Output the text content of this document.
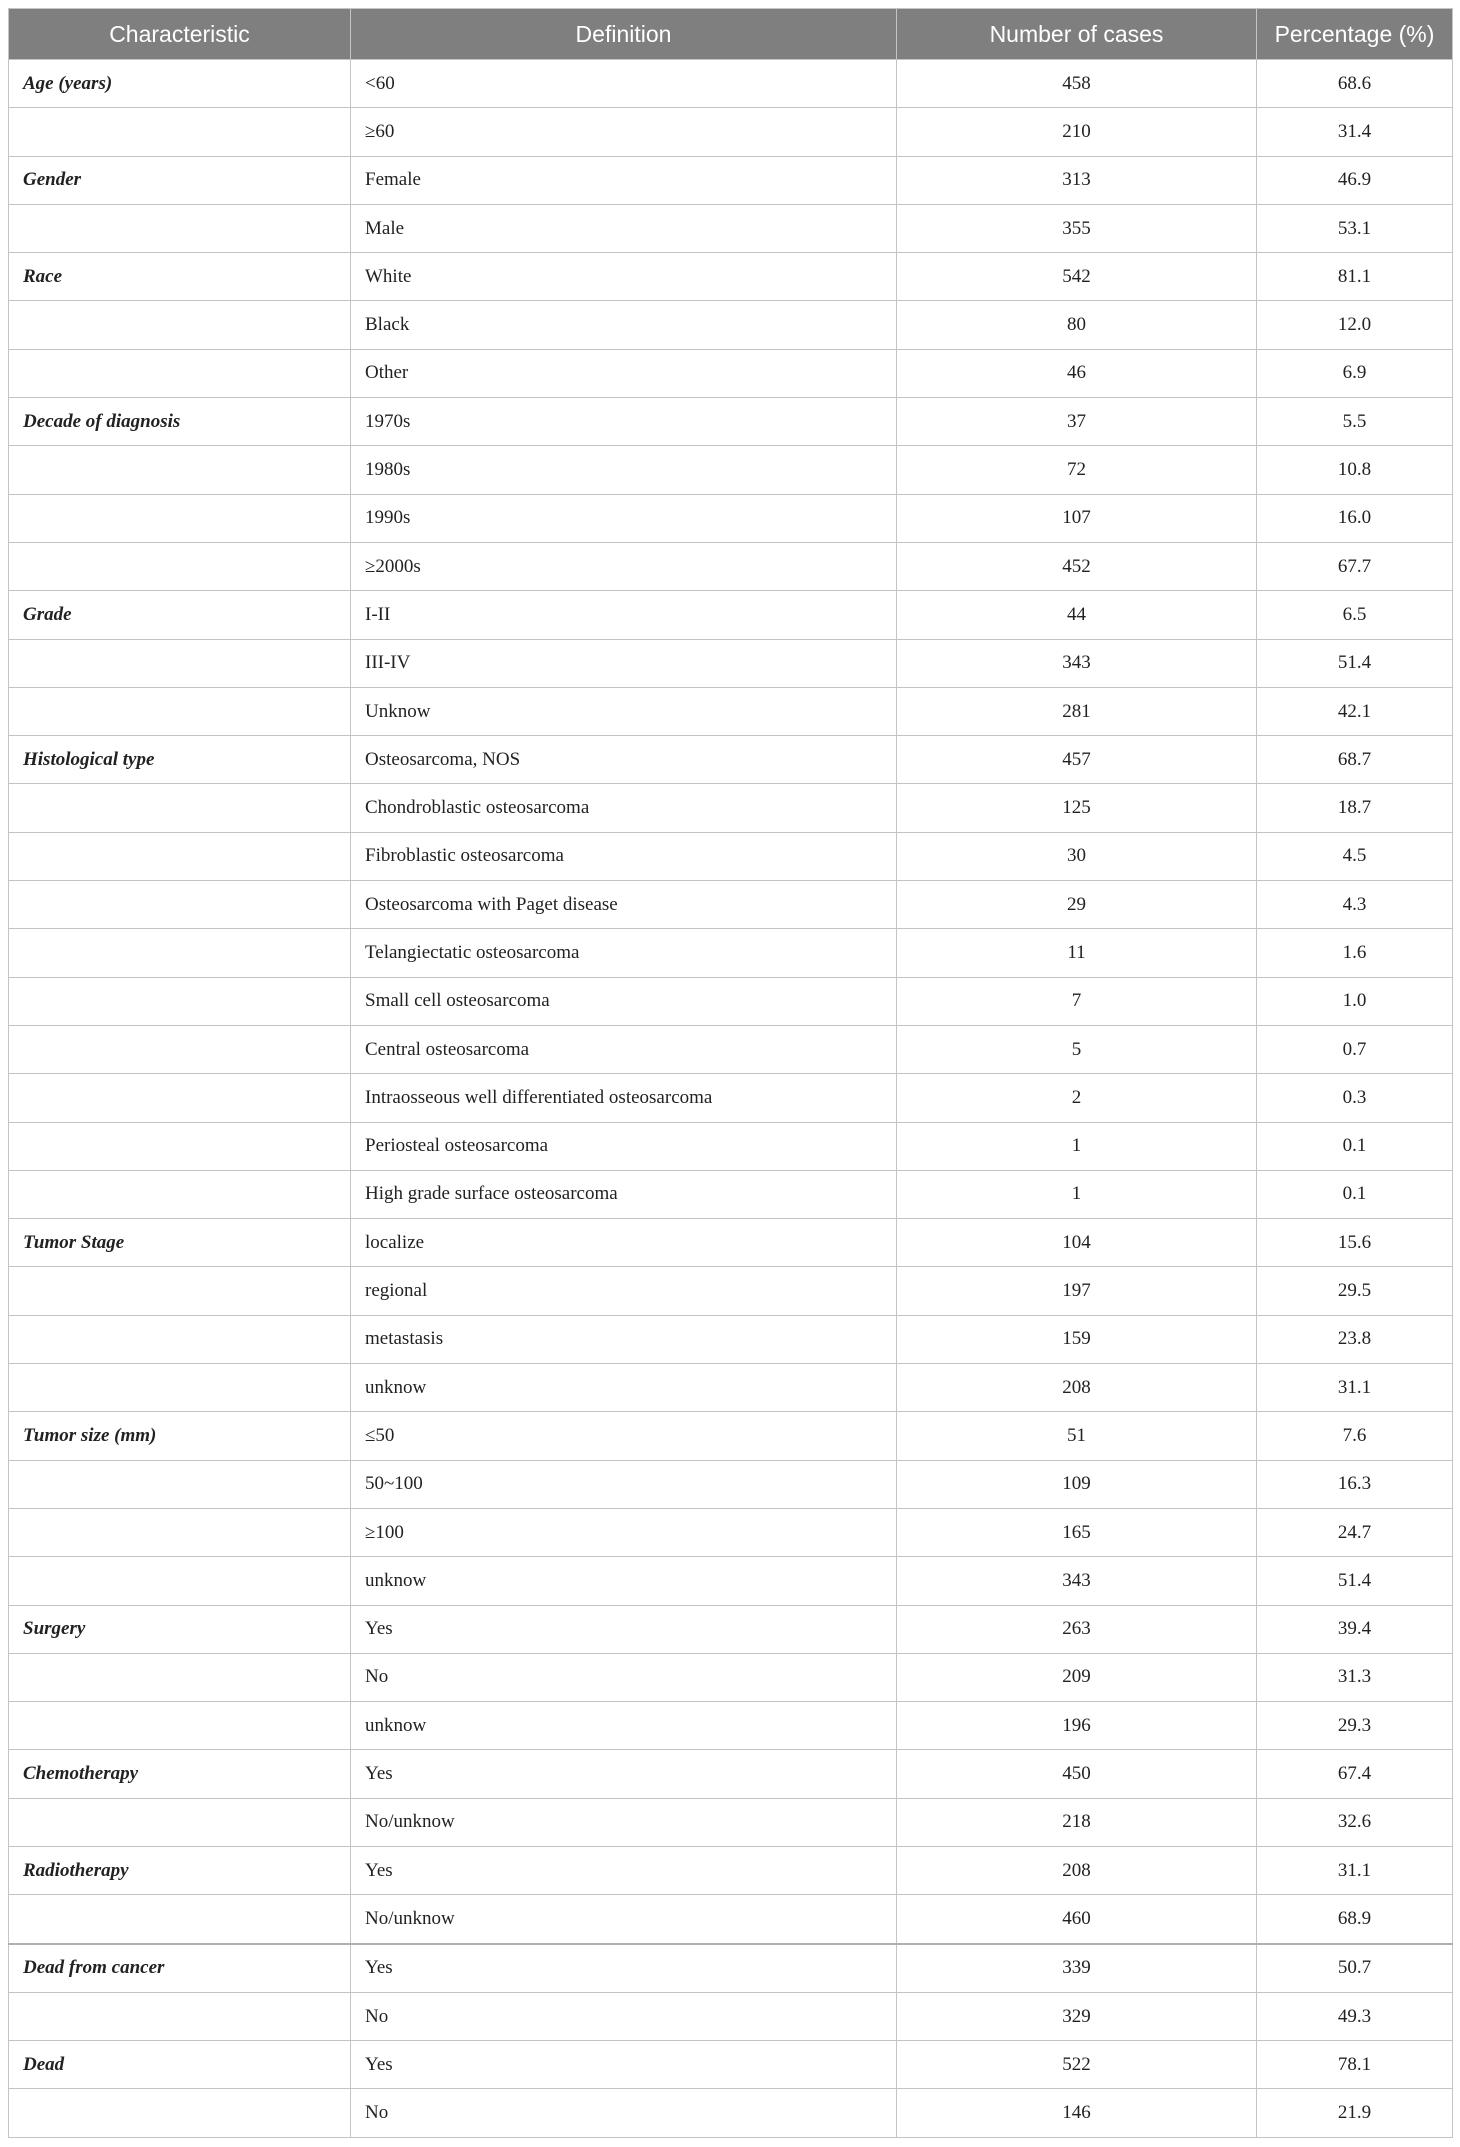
Characteristic	Definition	Number of cases	Percentage (%)
Age (years)	<60	458	68.6
	≥60	210	31.4
Gender	Female	313	46.9
	Male	355	53.1
Race	White	542	81.1
	Black	80	12.0
	Other	46	6.9
Decade of diagnosis	1970s	37	5.5
	1980s	72	10.8
	1990s	107	16.0
	≥2000s	452	67.7
Grade	I-II	44	6.5
	III-IV	343	51.4
	Unknow	281	42.1
Histological type	Osteosarcoma, NOS	457	68.7
	Chondroblastic osteosarcoma	125	18.7
	Fibroblastic osteosarcoma	30	4.5
	Osteosarcoma with Paget disease	29	4.3
	Telangiectatic osteosarcoma	11	1.6
	Small cell osteosarcoma	7	1.0
	Central osteosarcoma	5	0.7
	Intraosseous well differentiated osteosarcoma	2	0.3
	Periosteal osteosarcoma	1	0.1
	High grade surface osteosarcoma	1	0.1
Tumor Stage	localize	104	15.6
	regional	197	29.5
	metastasis	159	23.8
	unknow	208	31.1
Tumor size (mm)	≤50	51	7.6
	50~100	109	16.3
	≥100	165	24.7
	unknow	343	51.4
Surgery	Yes	263	39.4
	No	209	31.3
	unknow	196	29.3
Chemotherapy	Yes	450	67.4
	No/unknow	218	32.6
Radiotherapy	Yes	208	31.1
	No/unknow	460	68.9
Dead from cancer	Yes	339	50.7
	No	329	49.3
Dead	Yes	522	78.1
	No	146	21.9
